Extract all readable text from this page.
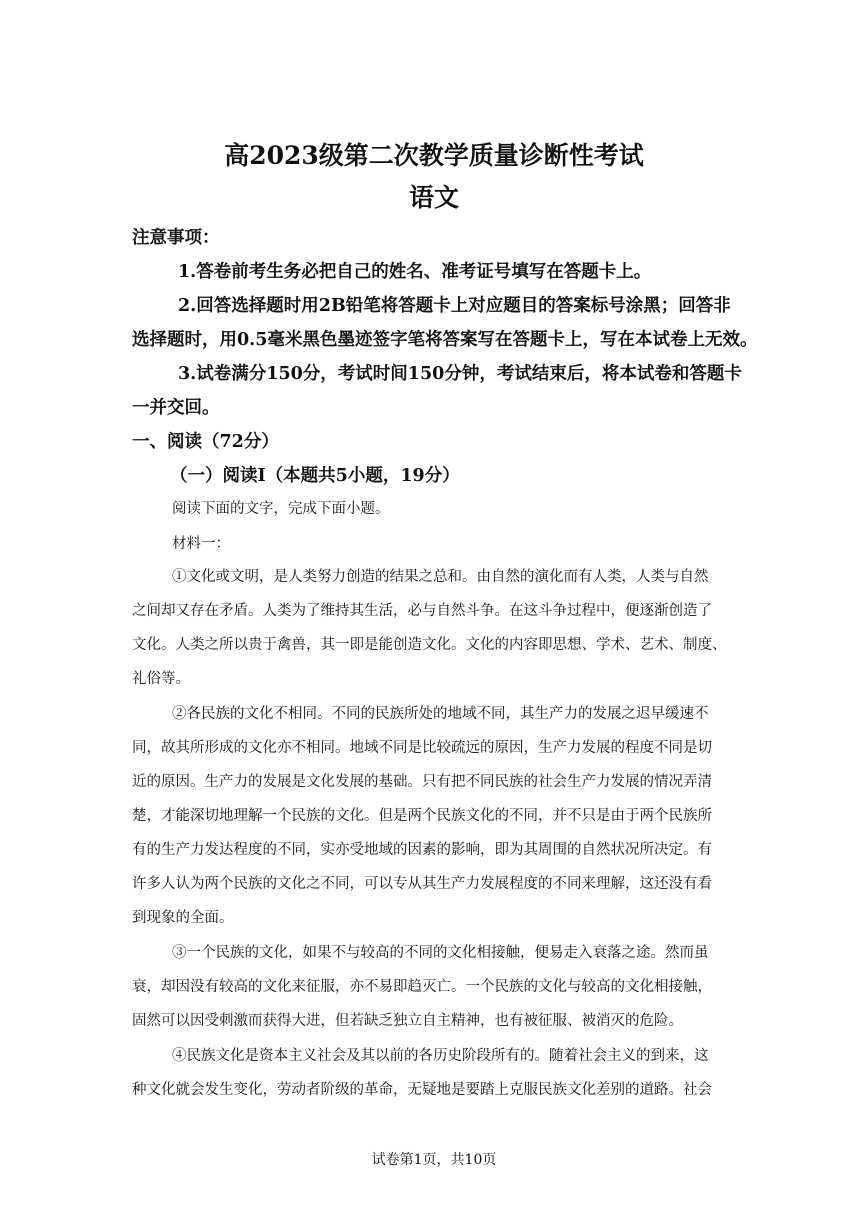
高2023级第二次教学质量诊断性考试
语文
注意事项：
1.答卷前考生务必把自己的姓名、准考证号填写在答题卡上。
2.回答选择题时用2B铅笔将答题卡上对应题目的答案标号涂黑；回答非
选择题时，用0.5毫米黑色墨迹签字笔将答案写在答题卡上，写在本试卷上无效。
3.试卷满分150分，考试时间150分钟，考试结束后，将本试卷和答题卡
一并交回。
一、阅读（72分）
（一）阅读Ⅰ（本题共5小题，19分）
阅读下面的文字，完成下面小题。
材料一：
①文化或文明，是人类努力创造的结果之总和。由自然的演化而有人类，人类与自然
之间却又存在矛盾。人类为了维持其生活，必与自然斗争。在这斗争过程中，便逐渐创造了
文化。人类之所以贵于禽兽，其一即是能创造文化。文化的内容即思想、学术、艺术、制度、
礼俗等。
②各民族的文化不相同。不同的民族所处的地域不同，其生产力的发展之迟早缓速不
同，故其所形成的文化亦不相同。地域不同是比较疏远的原因，生产力发展的程度不同是切
近的原因。生产力的发展是文化发展的基础。只有把不同民族的社会生产力发展的情况弄清
楚，才能深切地理解一个民族的文化。但是两个民族文化的不同，并不只是由于两个民族所
有的生产力发达程度的不同，实亦受地域的因素的影响，即为其周围的自然状况所决定。有
许多人认为两个民族的文化之不同，可以专从其生产力发展程度的不同来理解，这还没有看
到现象的全面。
③一个民族的文化，如果不与较高的不同的文化相接触，便易走入衰落之途。然而虽
衰，却因没有较高的文化来征服，亦不易即趋灭亡。一个民族的文化与较高的文化相接触，
固然可以因受刺激而获得大进，但若缺乏独立自主精神，也有被征服、被消灭的危险。
④民族文化是资本主义社会及其以前的各历史阶段所有的。随着社会主义的到来，这
种文化就会发生变化，劳动者阶级的革命，无疑地是要踏上克服民族文化差别的道路。社会
试卷第1页，共10页
